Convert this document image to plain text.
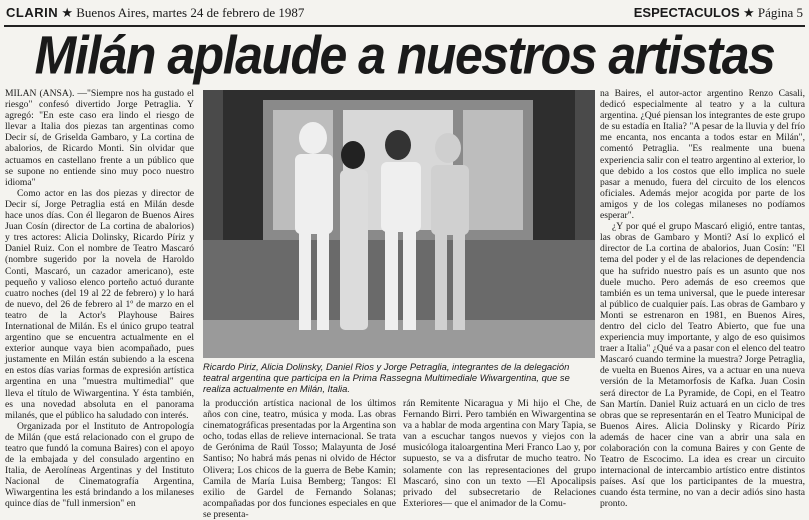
CLARIN ★ Buenos Aires, martes 24 de febrero de 1987	ESPECTACULOS ★ Página 5
Milán aplaude a nuestros artistas

MILAN (ANSA). —"Siempre nos ha gustado el riesgo" confesó divertido Jorge Petraglia. Y agregó: "En este caso era lindo el riesgo de llevar a Italia dos piezas tan argentinas como Decir sí, de Griselda Gambaro, y La cortina de abalorios, de Ricardo Monti. Sin olvidar que actuamos en castellano frente a un público que se supone no entiende sino muy poco nuestro idioma"

Como actor en las dos piezas y director de Decir sí, Jorge Petraglia está en Milán desde hace unos días. Con él llegaron de Buenos Aires Juan Cosín (director de La cortina de abalorios) y tres actores: Alicia Dolinsky, Ricardo Píriz y Daniel Ruiz. Con el nombre de Teatro Mascaró (nombre sugerido por la novela de Haroldo Conti, Mascaró, un cazador americano), este pequeño y valioso elenco porteño actuó durante cuatro noches (del 19 al 22 de febrero) y lo hará de nuevo, del 26 de febrero al 1º de marzo en el teatro de la Actor's Playhouse Baires International de Milán. Es el único grupo teatral argentino que se encuentra actualmente en el exterior aunque vaya bien acompañado, pues justamente en Milán están subiendo a la escena en estos días varias formas de expresión artística argentina en una "muestra multimedial" que lleva el título de Wiwargentina. Y ésta también, es una novedad absoluta en el panorama milanés, que el público ha saludado con interés.

Organizada por el Instituto de Antropología de Milán (que está relacionado con el grupo de teatro que fundó la comuna Baires) con el apoyo de la embajada y del consulado argentino en Italia, de Aerolíneas Argentinas y del Instituto Nacional de Cinematografía Argentina, Wiwargentina les está brindando a los milaneses quince días de "full inmersion" en

Ricardo Piriz, Alicia Dolinsky, Daniel Rios y Jorge Petraglia, integrantes de la delegación teatral argentina que participa en la Prima Rassegna Multimediale Wiwargentina, que se realiza actualmente en Milán, Italia.

la producción artística nacional de los últimos años con cine, teatro, música y moda. Las obras cinematográficas presentadas por la Argentina son ocho, todas ellas de relieve internacional. Se trata de Gerónima de Raúl Tosso; Malayunta de José Santiso; No habrá más penas ni olvido de Héctor Olivera; Los chicos de la guerra de Bebe Kamin; Camila de María Luisa Bemberg; Tangos: El exilio de Gardel de Fernando Solanas; acompañadas por dos funciones especiales en que se presenta-

rán Remitente Nicaragua y Mi hijo el Che, de Fernando Birri. Pero también en Wiwargentina se va a hablar de moda argentina con Mary Tapia, se van a escuchar tangos nuevos y viejos con la musicóloga italoargentina Meri Franco Lao y, por supuesto, se va a disfrutar de mucho teatro. No solamente con las representaciones del grupo Mascaró, sino con un texto —El Apocalipsis privado del subsecretario de Relaciones Exteriores— que el animador de la Comu-

na Baires, el autor-actor argentino Renzo Casali, dedicó especialmente al teatro y a la cultura argentina. ¿Qué piensan los integrantes de este grupo de su estadía en Italia? "A pesar de la lluvia y del frío me encanta, nos encanta a todos estar en Milán", comentó Petraglia. "Es realmente una buena experiencia salir con el teatro argentino al exterior, lo que debido a los costos que ello implica no suele pasar a menudo, fuera del circuito de los elencos oficiales. Además mejor acogida por parte de los amigos y de los colegas milaneses no podíamos esperar".

¿Y por qué el grupo Mascaró eligió, entre tantas, las obras de Gambaro y Monti? Así lo explicó el director de La cortina de abalorios, Juan Cosín: "El tema del poder y el de las relaciones de dependencia que ha sufrido nuestro país es un asunto que nos duele mucho. Pero además de eso creemos que también es un tema universal, que le puede interesar al público de cualquier país. Las obras de Gambaro y Monti se estrenaron en 1981, en Buenos Aires, dentro del ciclo del Teatro Abierto, que fue una experiencia muy importante, y algo de eso quisimos traer a Italia" ¿Qué va a pasar con el elenco del teatro Mascaró cuando termine la muestra? Jorge Petraglia, de vuelta en Buenos Aires, va a actuar en una nueva versión de la Metamorfosis de Kafka. Juan Cosin será director de La Pyramide, de Copi, en el Teatro San Martín. Daniel Ruiz actuará en un ciclo de tres obras que se representarán en el Teatro Municipal de Buenos Aires. Alicia Dolinsky y Ricardo Píriz además de hacer cine van a abrir una sala en colaboración con la comuna Baires y con Gente de Teatro de Escocimo. La idea es crear un circuito internacional de intercambio artístico entre distintos países. Así que los participantes de la muestra, cuando ésta termine, no van a decir adiós sino hasta pronto.
